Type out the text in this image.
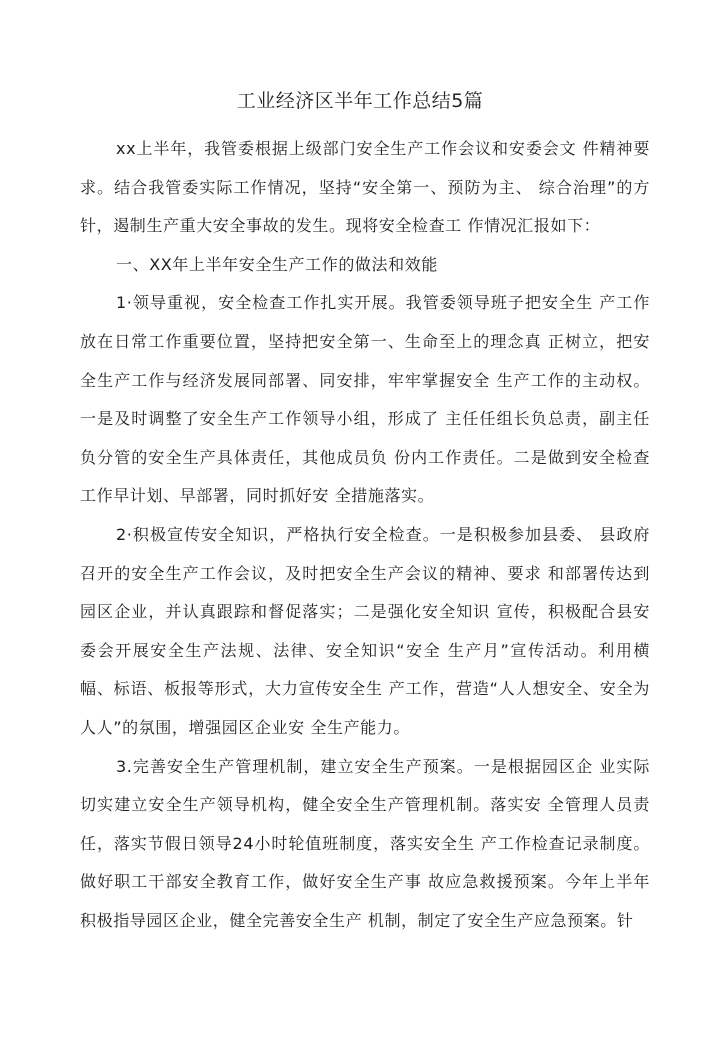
工业经济区半年工作总结5篇

xx上半年，我管委根据上级部门安全生产工作会议和安委会文 件精神要求。结合我管委实际工作情况，坚持“安全第一、预防为主、 综合治理”的方针，遏制生产重大安全事故的发生。现将安全检查工 作情况汇报如下：

一、XX年上半年安全生产工作的做法和效能

1·领导重视，安全检查工作扎实开展。我管委领导班子把安全生 产工作放在日常工作重要位置，坚持把安全第一、生命至上的理念真 正树立，把安全生产工作与经济发展同部署、同安排，牢牢掌握安全 生产工作的主动权。一是及时调整了安全生产工作领导小组，形成了 主任任组长负总责，副主任负分管的安全生产具体责任，其他成员负 份内工作责任。二是做到安全检查工作早计划、早部署，同时抓好安 全措施落实。

2·积极宣传安全知识，严格执行安全检查。一是积极参加县委、 县政府召开的安全生产工作会议，及时把安全生产会议的精神、要求 和部署传达到园区企业，并认真跟踪和督促落实；二是强化安全知识 宣传，积极配合县安委会开展安全生产法规、法律、安全知识“安全 生产月”宣传活动。利用横幅、标语、板报等形式，大力宣传安全生 产工作，营造“人人想安全、安全为人人”的氛围，增强园区企业安 全生产能力。

3.完善安全生产管理机制，建立安全生产预案。一是根据园区企 业实际切实建立安全生产领导机构，健全安全生产管理机制。落实安 全管理人员责任，落实节假日领导24小时轮值班制度，落实安全生 产工作检查记录制度。做好职工干部安全教育工作，做好安全生产事 故应急救援预案。今年上半年积极指导园区企业，健全完善安全生产 机制，制定了安全生产应急预案。针
